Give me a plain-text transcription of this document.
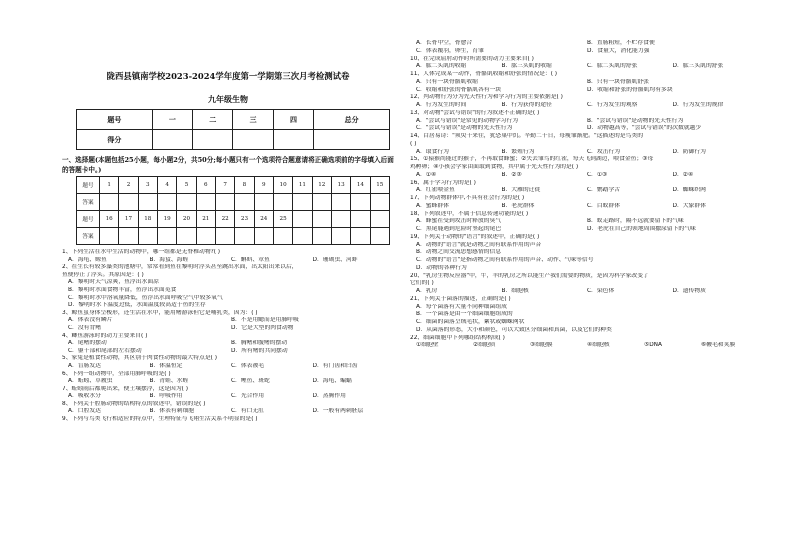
陇西县镇南学校2023-2024学年度第一学期第三次月考检测试卷
九年级生物
题号	一	二	三	四	总分
得分					
一、选择题(本题包括25小题，每小题2分，共50分;每小题只有一个选项符合题意请将正确选项前的字母填入后面的答题卡中。)
题号	1	2	3	4	5	6	7	8	9	10	11	12	13	14	15
答案															
题号	16	17	18	19	20	21	22	23	24	25					
答案															
1、下列生活在水中生活的动物中，哪一组都是无脊椎动物?( )
A．海龟、鲸鱼	B．海蜇、海蛭	C．蝌蚪、章鱼	D．珊瑚虫、河蚌
2、在生长有较多藻类的池塘中，常常看到鱼在黎明时浮头甚至跳出水面，出太阳出来以后，
鱼便停止了浮头。其原因是：( )
A．黎明时天气凉爽，鱼浮出水面凉
B．黎明时水面食物丰富，鱼浮出水面觅食
C．黎明时水中溶氧量降低，鱼浮出水面呼吸空气中较多氧气
D．黎明时水下温度过低，水面温度较高适于鱼的生存
3、鲸鱼虽身体呈梭形，还生活在水中，能用鳍游泳但它是哺乳类，因为：( )
A．体表没有鳞片	B．不是用鳃而是用肺呼吸
C．没有背鳍	D．它是大型的肉食动物
4、鲫鱼游泳时的动力主要来自( )
A．尾鳍的摆动	B．胸鳍和腹鳍的摆动
C．躯干部和尾部的左右摆动	D．所有鳍的共同摆动
5、家兔是植食性动物，其区别于肉食性动物的最大特点是( )
A．盲肠发达	B．体温恒定	C．体表被毛	D．有门齿和臼齿
6、下列一组动物中，全部用肺呼吸的是( )
A．蚯蚓、草履虫	B．青蛙、水蛭	C．鲤鱼、斑蛇	D．海龟、蝙蝠
7、蚯蚓雨后都爬出来，便土壤摆浮，这是因为( )
A．吸收水分	B．呼吸作用	C．光合作用	D．蒸腾作用
8、下列关于腔肠动物的结构特点的叙述中，错误的是( )
A．口腔发达	B．体表有刺细胞	C．有口无肛	D．一般有两刺胚层
9、下列与鸟类飞行相适应的特点中，生理特征与飞翔生活关系不明显的是( )
A．长骨中空，骨愈合	B．直肠粗短，不贮存食便
C．体表覆羽，卵生，育雏	D．食量大，消化能力强
10、在完成屈肘动作时所需要的动力主要来自( )
A．肱二头肌的收缩	B．肱三头肌的收缩	C．肱二头肌的舒张	D．肱三头肌的舒张
11、人体完成某一动作，骨骼肌收缩和舒张的情况是：( )
A．只有一块骨骼肌收缩	B．只有一块骨骼肌舒张
C．收缩和舒张的骨骼肌各有一块	D．收缩和舒张的骨骼肌均有多块
12、判动物行为分为先天性行为和学习行为的主要依据是( )
A．行为发生的时间	B．行为获得的途径	C．行为发生的观察	D．行为发生的规律
13、对动物"尝试与错误"的行为叙述不正确的是( )
A．"尝试与错误"是常见的动物学习行为	B．"尝试与错误"是动物的先天性行为
C．"尝试与错误"是动物的先天性行为	D．动物越高等，"尝试与错误"的次数就越少
14、白居易诗："须臾十来往，犹恐巢中饥。辛勤二十日，母瘦雏渐肥。"这描述的是鸟类的
( )
A．取食行为	B．繁殖行为	C．攻击行为	D．防御行为
15、①猿猴尚能过的猴子，不再取食蜂蜜；②失去雏鸟的红雀，每天飞到湖边，喂食金鱼；③母
鸡孵卵；④小孩会学家由面取到食物，其中属于先天性行为的是( )
A．①④	B．②③	C．①③	D．②④
16、属于学习行为的是( )
A．红雀喂金鱼	B．大雁的迁徙	C．鹦鹉学舌	D．蜘蛛织网
17、下列动物群体中,不具有社会行为的是( )
A．蜜蜂群体	B．老虎群体	C．白蚁群体	D．大象群体
18、下列叙述中，不属于信息传递功能的是( )
A．蜂蜜在受到攻击时释放的臭气	B．蚁走路时，隔不远就要留下的气味
C．黑尾鹿遇到危险时竖起的尾巴	D．老虎在自己的领地周围撒尿留下的气味
19、下列关于动物的"语言"的叙述中，正确的是( )
A．动物的"语言"就是动物之间有联系作用的声音
B．动物之间交流思想感情的信息
C．动物的"语言"是指动物之间有联系作用的声音、动作、气味等信号
D．动物的各种行为
20、"乳房生物反应器"中，牛，羊的乳房之所以能生产我们需要的物质，是因为科学家改变了
它们的( )
A．乳房	B．细胞核	C．染色体	D．遗传物质
21、下列关于菌落的描述，正确的是( )
A．每个菌落有大量不同种细菌组成
B．一个菌落是由一个细菌细胞组成的
C．细菌的菌落呈绒毛状，絮状或蜘蛛网状
D．从菌落的形态，大小和颜色，可以大致区分细菌和真菌，以及它们的种类
22、细菌细胞中下列哪组结构构成( )
①细胞壁	②细胞质	③细胞膜	④细胞核	⑤DNA	⑥鞭毛和荚膜
